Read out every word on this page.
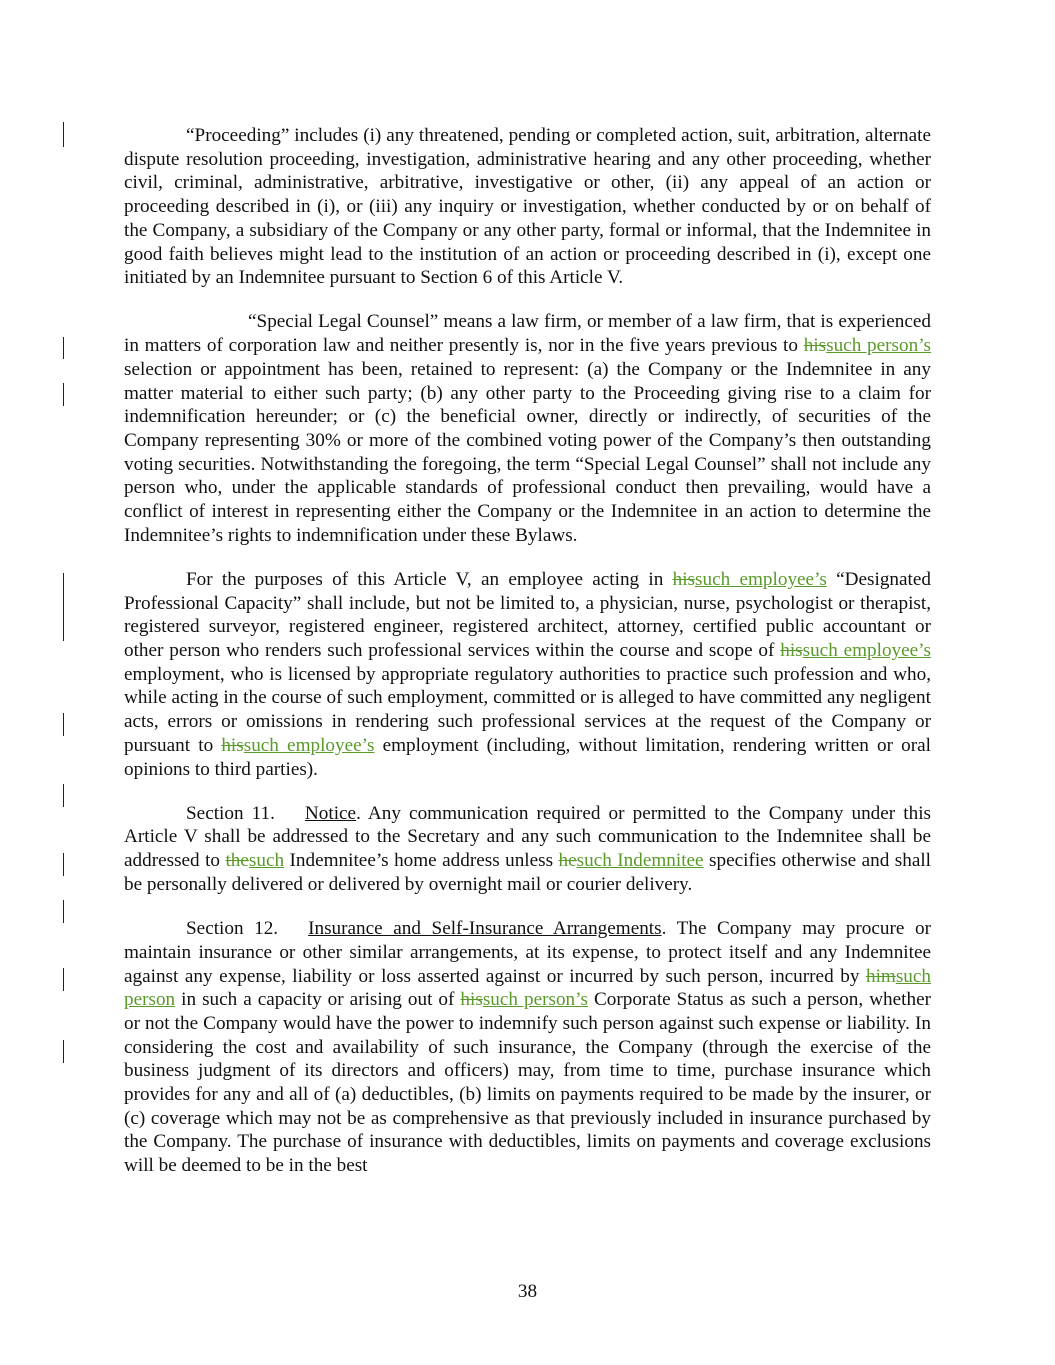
“Proceeding” includes (i) any threatened, pending or completed action, suit, arbitration, alternate dispute resolution proceeding, investigation, administrative hearing and any other proceeding, whether civil, criminal, administrative, arbitrative, investigative or other, (ii) any appeal of an action or proceeding described in (i), or (iii) any inquiry or investigation, whether conducted by or on behalf of the Company, a subsidiary of the Company or any other party, formal or informal, that the Indemnitee in good faith believes might lead to the institution of an action or proceeding described in (i), except one initiated by an Indemnitee pursuant to Section 6 of this Article V.

“Special Legal Counsel” means a law firm, or member of a law firm, that is experienced in matters of corporation law and neither presently is, nor in the five years previous to hissuch person’s selection or appointment has been, retained to represent: (a) the Company or the Indemnitee in any matter material to either such party; (b) any other party to the Proceeding giving rise to a claim for indemnification hereunder; or (c) the beneficial owner, directly or indirectly, of securities of the Company representing 30% or more of the combined voting power of the Company’s then outstanding voting securities. Notwithstanding the foregoing, the term “Special Legal Counsel” shall not include any person who, under the applicable standards of professional conduct then prevailing, would have a conflict of interest in representing either the Company or the Indemnitee in an action to determine the Indemnitee’s rights to indemnification under these Bylaws.

For the purposes of this Article V, an employee acting in hissuch employee’s “Designated Professional Capacity” shall include, but not be limited to, a physician, nurse, psychologist or therapist, registered surveyor, registered engineer, registered architect, attorney, certified public accountant or other person who renders such professional services within the course and scope of hissuch employee’s employment, who is licensed by appropriate regulatory authorities to practice such profession and who, while acting in the course of such employment, committed or is alleged to have committed any negligent acts, errors or omissions in rendering such professional services at the request of the Company or pursuant to hissuch employee’s employment (including, without limitation, rendering written or oral opinions to third parties).

Section 11. Notice. Any communication required or permitted to the Company under this Article V shall be addressed to the Secretary and any such communication to the Indemnitee shall be addressed to thesuch Indemnitee’s home address unless hesuch Indemnitee specifies otherwise and shall be personally delivered or delivered by overnight mail or courier delivery.

Section 12. Insurance and Self-Insurance Arrangements. The Company may procure or maintain insurance or other similar arrangements, at its expense, to protect itself and any Indemnitee against any expense, liability or loss asserted against or incurred by such person, incurred by himsuch person in such a capacity or arising out of hissuch person’s Corporate Status as such a person, whether or not the Company would have the power to indemnify such person against such expense or liability. In considering the cost and availability of such insurance, the Company (through the exercise of the business judgment of its directors and officers) may, from time to time, purchase insurance which provides for any and all of (a) deductibles, (b) limits on payments required to be made by the insurer, or (c) coverage which may not be as comprehensive as that previously included in insurance purchased by the Company. The purchase of insurance with deductibles, limits on payments and coverage exclusions will be deemed to be in the best

38
